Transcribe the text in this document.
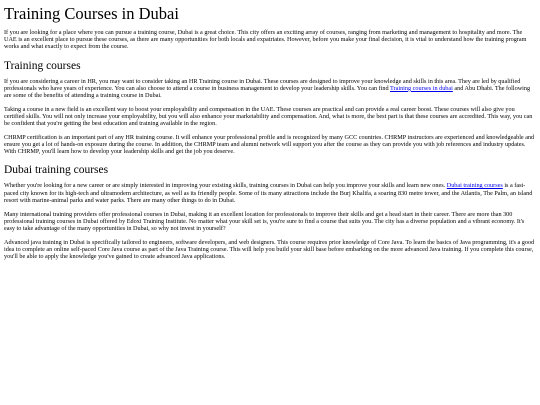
Training Courses in Dubai

If you are looking for a place where you can pursue a training course, Dubai is a great choice. This city offers an exciting array of courses, ranging from marketing and management to hospitality and more. The UAE is an excellent place to pursue these courses, as there are many opportunities for both locals and expatriates. However, before you make your final decision, it is vital to understand how the training program works and what exactly to expect from the course.

Training courses

If you are considering a career in HR, you may want to consider taking an HR Training course in Dubai. These courses are designed to improve your knowledge and skills in this area. They are led by qualified professionals who have years of experience. You can also choose to attend a course in business management to develop your leadership skills. You can find Training courses in dubai and Abu Dhabi. The following are some of the benefits of attending a training course in Dubai.

Taking a course in a new field is an excellent way to boost your employability and compensation in the UAE. These courses are practical and can provide a real career boost. These courses will also give you certified skills. You will not only increase your employability, but you will also enhance your marketability and compensation. And, what is more, the best part is that these courses are accredited. This way, you can be confident that you're getting the best education and training available in the region.

CHRMP certification is an important part of any HR training course. It will enhance your professional profile and is recognized by many GCC countries. CHRMP instructors are experienced and knowledgeable and ensure you get a lot of hands-on exposure during the course. In addition, the CHRMP team and alumni network will support you after the course as they can provide you with job references and industry updates. With CHRMP, you'll learn how to develop your leadership skills and get the job you deserve.

Dubai training courses

Whether you're looking for a new career or are simply interested in improving your existing skills, training courses in Dubai can help you improve your skills and learn new ones. Dubai training courses is a fast-paced city known for its high-tech and ultramodern architecture, as well as its friendly people. Some of its many attractions include the Burj Khalifa, a soaring 830 metre tower, and the Atlantis, The Palm, an island resort with marine-animal parks and water parks. There are many other things to do in Dubai.

Many international training providers offer professional courses in Dubai, making it an excellent location for professionals to improve their skills and get a head start in their career. There are more than 300 professional training courses in Dubai offered by Edoxi Training Institute. No matter what your skill set is, you're sure to find a course that suits you. The city has a diverse population and a vibrant economy. It's easy to take advantage of the many opportunities in Dubai, so why not invest in yourself?

Advanced java training in Dubai is specifically tailored to engineers, software developers, and web designers. This course requires prior knowledge of Core Java. To learn the basics of Java programming, it's a good idea to complete an online self-paced Core Java course as part of the Java Training course. This will help you build your skill base before embarking on the more advanced Java training. If you complete this course, you'll be able to apply the knowledge you've gained to create advanced Java applications.
